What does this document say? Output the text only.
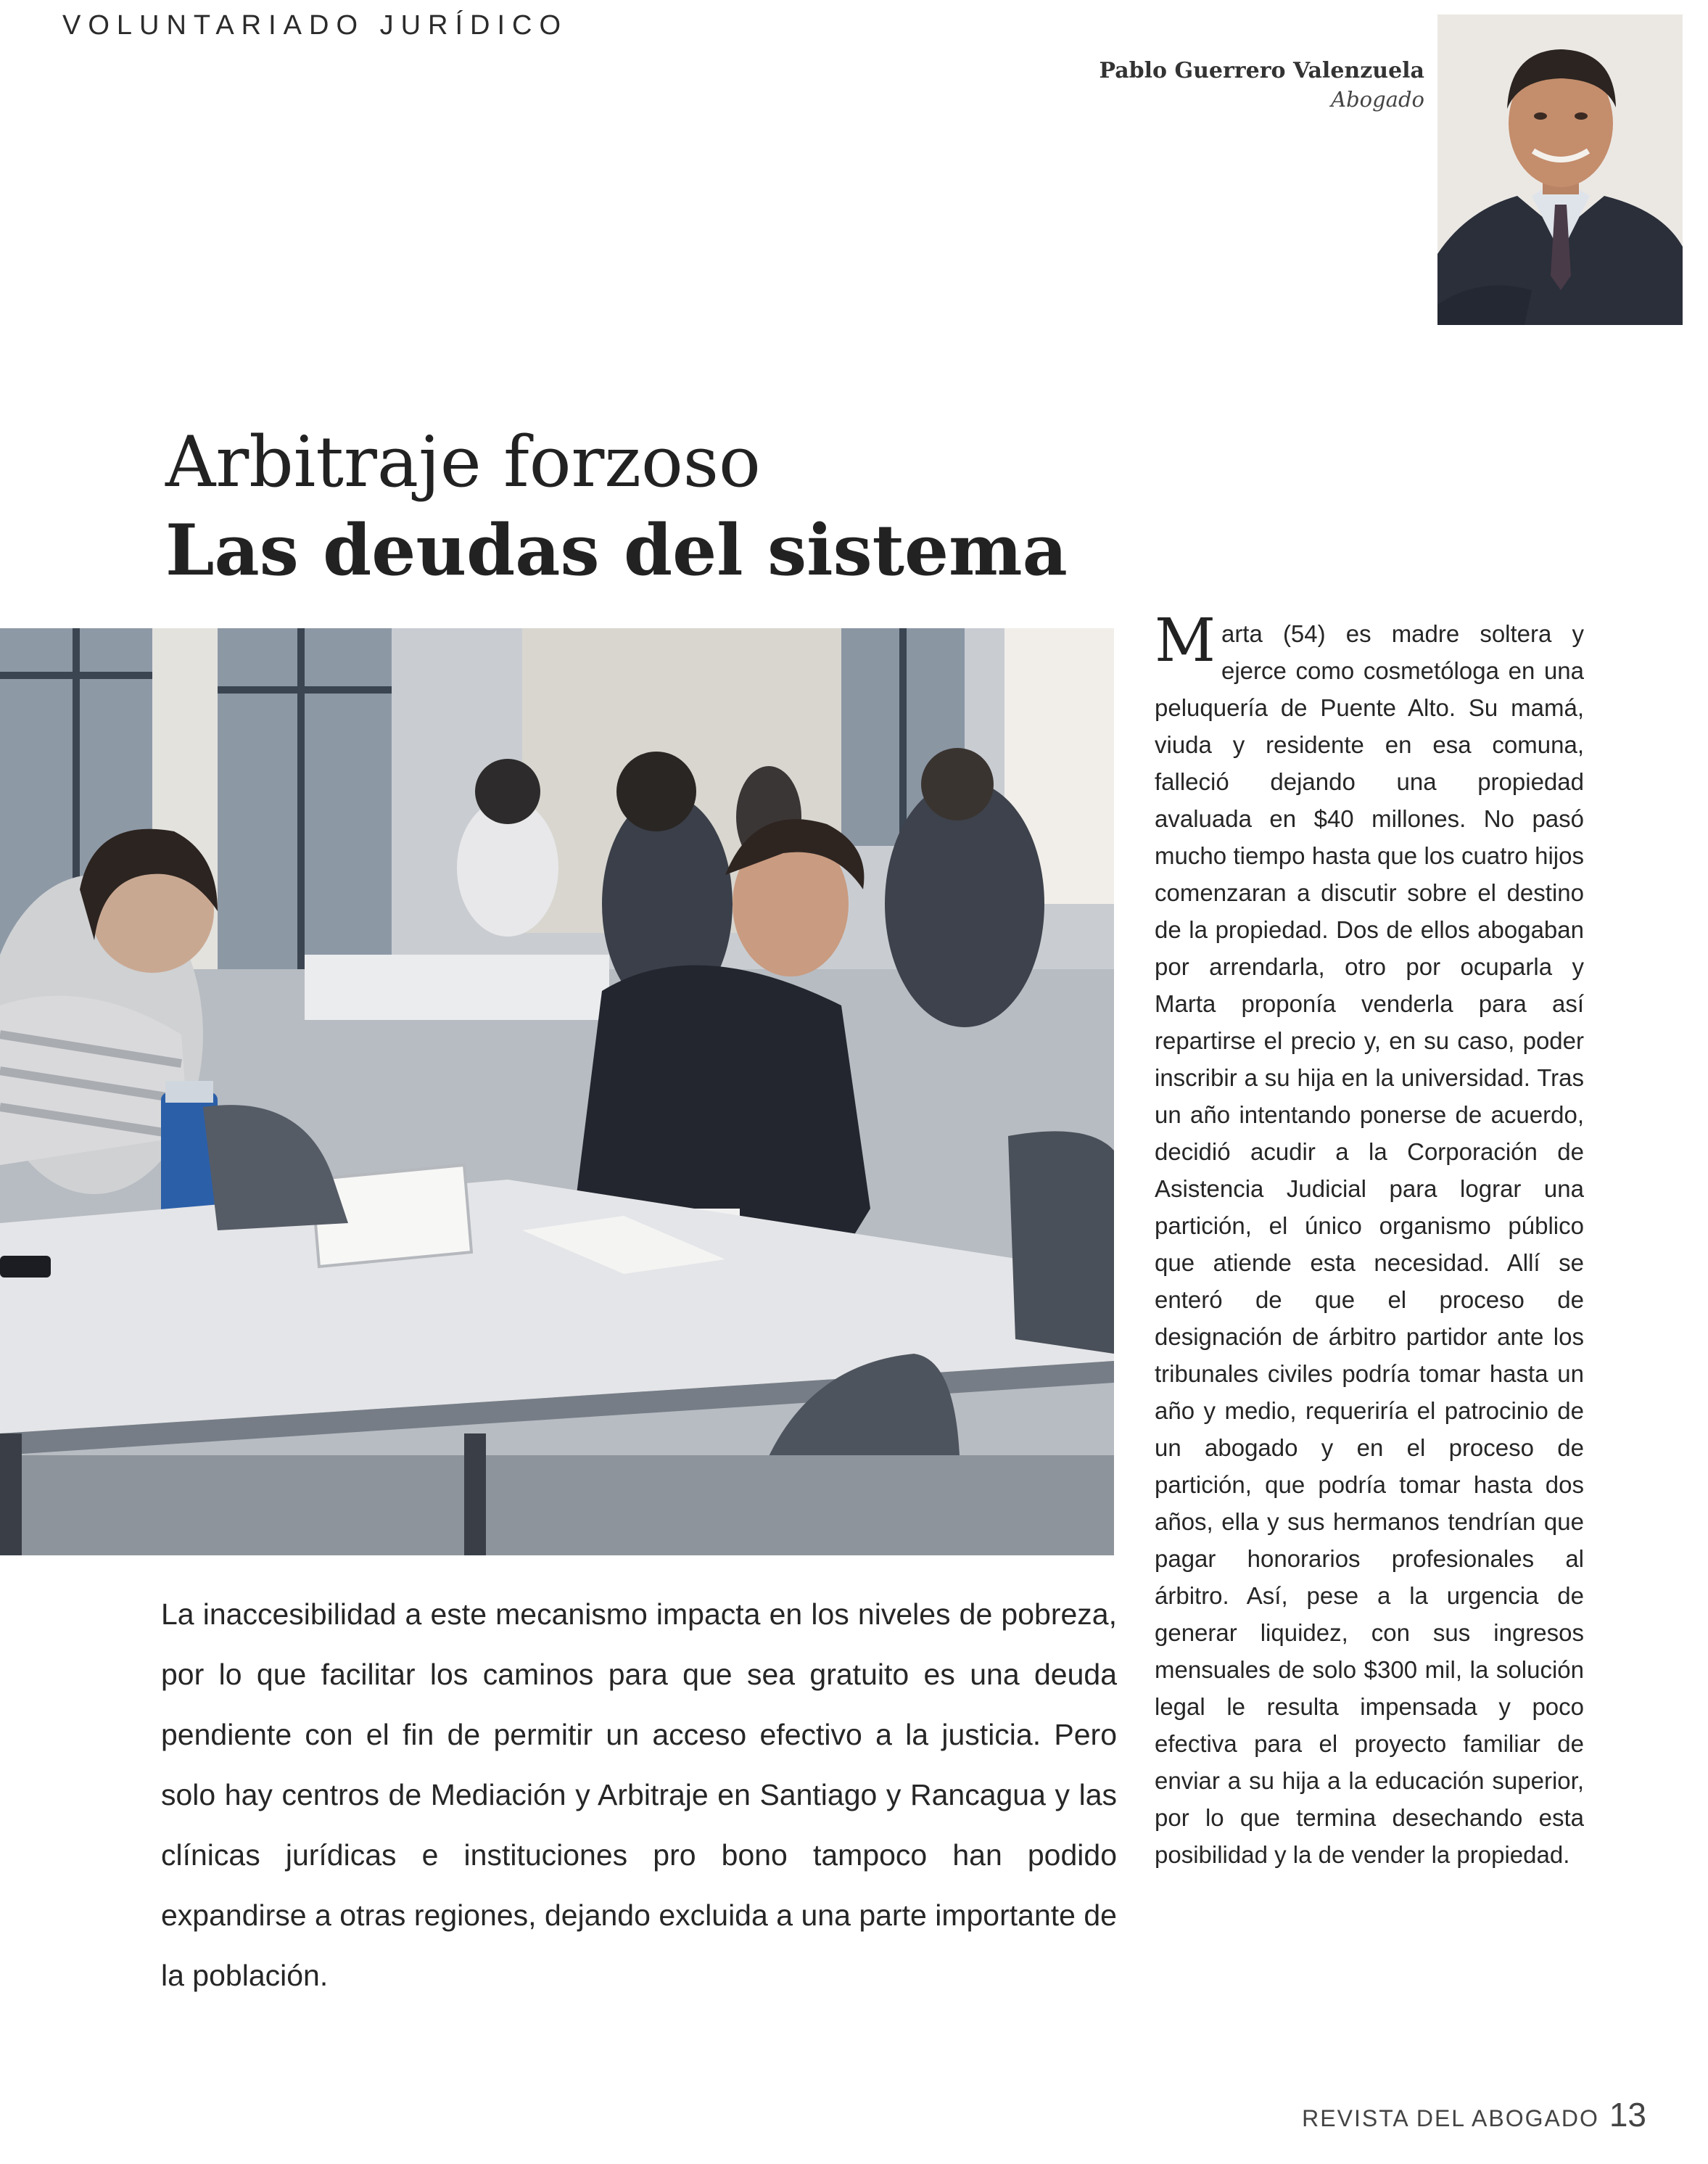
VOLUNTARIADO JURÍDICO
Pablo Guerrero Valenzuela
Abogado
Arbitraje forzoso
Las deudas del sistema

La inaccesibilidad a este mecanismo impacta en los niveles de pobreza, por lo que facilitar los caminos para que sea gratuito es una deuda pendiente con el fin de permitir un acceso efectivo a la justicia. Pero solo hay centros de Mediación y Arbitraje en Santiago y Rancagua y las clínicas jurídicas e instituciones pro bono tampoco han podido expandirse a otras regiones, dejando excluida a una parte importante de la población.

Marta (54) es madre soltera y ejerce como cosmetóloga en una peluquería de Puente Alto. Su mamá, viuda y residente en esa comuna, falleció dejando una propiedad avaluada en $40 millones. No pasó mucho tiempo hasta que los cuatro hijos comenzaran a discutir sobre el destino de la propiedad. Dos de ellos abogaban por arrendarla, otro por ocuparla y Marta proponía venderla para así repartirse el precio y, en su caso, poder inscribir a su hija en la universidad. Tras un año intentando ponerse de acuerdo, decidió acudir a la Corporación de Asistencia Judicial para lograr una partición, el único organismo público que atiende esta necesidad. Allí se enteró de que el proceso de designación de árbitro partidor ante los tribunales civiles podría tomar hasta un año y medio, requeriría el patrocinio de un abogado y en el proceso de partición, que podría tomar hasta dos años, ella y sus hermanos tendrían que pagar honorarios profesionales al árbitro. Así, pese a la urgencia de generar liquidez, con sus ingresos mensuales de solo $300 mil, la solución legal le resulta impensada y poco efectiva para el proyecto familiar de enviar a su hija a la educación superior, por lo que termina desechando esta posibilidad y la de vender la propiedad.
REVISTA DEL ABOGADO 13
